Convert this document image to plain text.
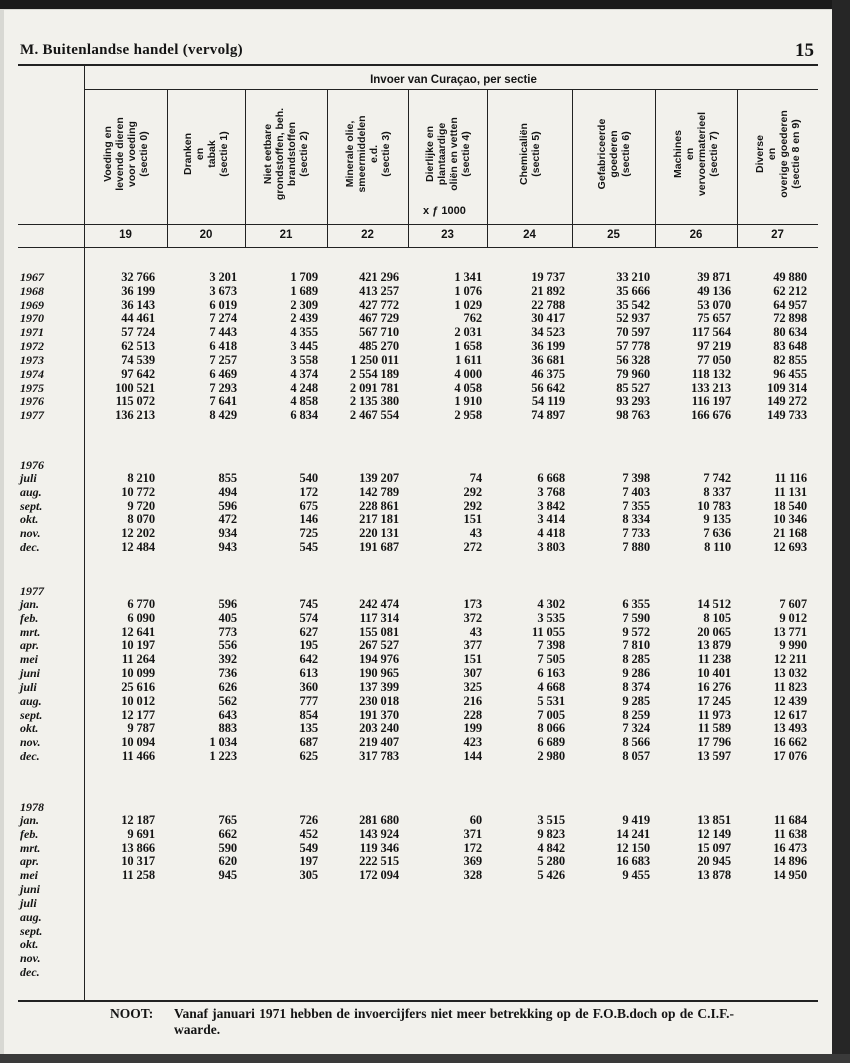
M. Buitenlandse handel (vervolg)	15
Invoer van Curaçao, per sectie
Voeding en
levende dieren
voor voeding
(sectie 0)	Dranken
en
tabak
(sectie 1)
Niet eetbare
grondstoffen, beh.
brandstoffen
(sectie 2)
Minerale olie,
smeermiddelen
e.d.
(sectie 3)
Dierlijke en
plantaardige
oliën en vetten
(sectie 4)	Chemicaliën
(sectie 5)	Gefabriceerde
goederen
(sectie 6)	Machines
en
vervoermaterieel
(sectie 7)	Diverse
en
overige goederen
(sectie 8 en 9)
x ƒ 1000
19	20	21	22	23	24	25	26	27
1967	32 766	3 201	1 709	421 296	1 341	19 737	33 210	39 871	49 880
1968	36 199	3 673	1 689	413 257	1 076	21 892	35 666	49 136	62 212
1969	36 143	6 019	2 309	427 772	1 029	22 788	35 542	53 070	64 957
1970	44 461	7 274	2 439	467 729	762	30 417	52 937	75 657	72 898
1971	57 724	7 443	4 355	567 710	2 031	34 523	70 597	117 564	80 634
1972	62 513	6 418	3 445	485 270	1 658	36 199	57 778	97 219	83 648
1973	74 539	7 257	3 558	1 250 011	1 611	36 681	56 328	77 050	82 855
1974	97 642	6 469	4 374	2 554 189	4 000	46 375	79 960	118 132	96 455
1975	100 521	7 293	4 248	2 091 781	4 058	56 642	85 527	133 213	109 314
1976	115 072	7 641	4 858	2 135 380	1 910	54 119	93 293	116 197	149 272
1977	136 213	8 429	6 834	2 467 554	2 958	74 897	98 763	166 676	149 733
1976
juli	8 210	855	540	139 207	74	6 668	7 398	7 742	11 116
aug.	10 772	494	172	142 789	292	3 768	7 403	8 337	11 131
sept.	9 720	596	675	228 861	292	3 842	7 355	10 783	18 540
okt.	8 070	472	146	217 181	151	3 414	8 334	9 135	10 346
nov.	12 202	934	725	220 131	43	4 418	7 733	7 636	21 168
dec.	12 484	943	545	191 687	272	3 803	7 880	8 110	12 693
1977
jan.	6 770	596	745	242 474	173	4 302	6 355	14 512	7 607
feb.	6 090	405	574	117 314	372	3 535	7 590	8 105	9 012
mrt.	12 641	773	627	155 081	43	11 055	9 572	20 065	13 771
apr.	10 197	556	195	267 527	377	7 398	7 810	13 879	9 990
mei	11 264	392	642	194 976	151	7 505	8 285	11 238	12 211
juni	10 099	736	613	190 965	307	6 163	9 286	10 401	13 032
juli	25 616	626	360	137 399	325	4 668	8 374	16 276	11 823
aug.	10 012	562	777	230 018	216	5 531	9 285	17 245	12 439
sept.	12 177	643	854	191 370	228	7 005	8 259	11 973	12 617
okt.	9 787	883	135	203 240	199	8 066	7 324	11 589	13 493
nov.	10 094	1 034	687	219 407	423	6 689	8 566	17 796	16 662
dec.	11 466	1 223	625	317 783	144	2 980	8 057	13 597	17 076
1978
jan.	12 187	765	726	281 680	60	3 515	9 419	13 851	11 684
feb.	9 691	662	452	143 924	371	9 823	14 241	12 149	11 638
mrt.	13 866	590	549	119 346	172	4 842	12 150	15 097	16 473
apr.	10 317	620	197	222 515	369	5 280	16 683	20 945	14 896
mei	11 258	945	305	172 094	328	5 426	9 455	13 878	14 950
juni
juli
aug.
sept.
okt.
nov.
dec.
NOOT: Vanaf januari 1971 hebben de invoercijfers niet meer betrekking op de F.O.B.doch op de C.I.F.-waarde.
